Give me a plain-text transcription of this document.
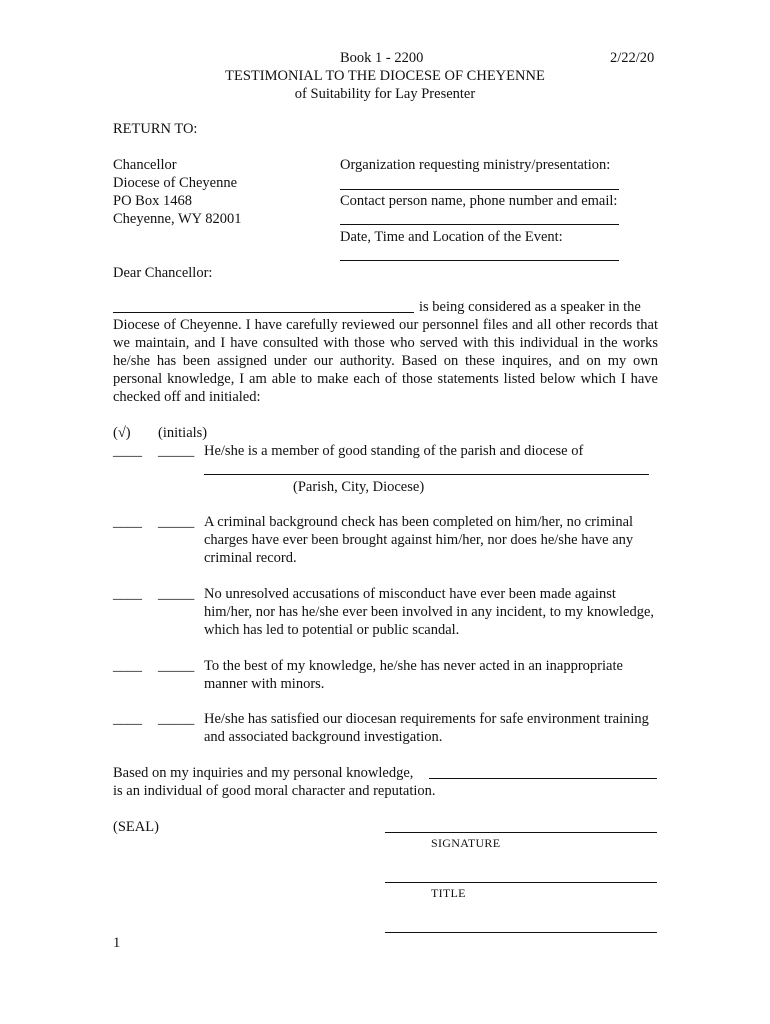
Book 1 - 2200	2/22/20
TESTIMONIAL TO THE DIOCESE OF CHEYENNE
of Suitability for Lay Presenter
RETURN TO:
Chancellor
Diocese of Cheyenne
PO Box 1468
Cheyenne, WY 82001
Organization requesting ministry/presentation:
Contact person name, phone number and email:
Date, Time and Location of the Event:
Dear Chancellor:
is being considered as a speaker in the
Diocese of Cheyenne. I have carefully reviewed our personnel files and all other records that we maintain, and I have consulted with those who served with this individual in the works he/she has been assigned under our authority. Based on these inquires, and on my own personal knowledge, I am able to make each of those statements listed below which I have checked off and initialed:
(√) (initials)
____ _____ He/she is a member of good standing of the parish and diocese of
(Parish, City, Diocese)
____ _____ A criminal background check has been completed on him/her, no criminal charges have ever been brought against him/her, nor does he/she have any criminal record.
____ _____ No unresolved accusations of misconduct have ever been made against him/her, nor has he/she ever been involved in any incident, to my knowledge, which has led to potential or public scandal.
____ _____ To the best of my knowledge, he/she has never acted in an inappropriate manner with minors.
____ _____ He/she has satisfied our diocesan requirements for safe environment training and associated background investigation.
Based on my inquiries and my personal knowledge,
is an individual of good moral character and reputation.
(SEAL)
SIGNATURE
TITLE
1
